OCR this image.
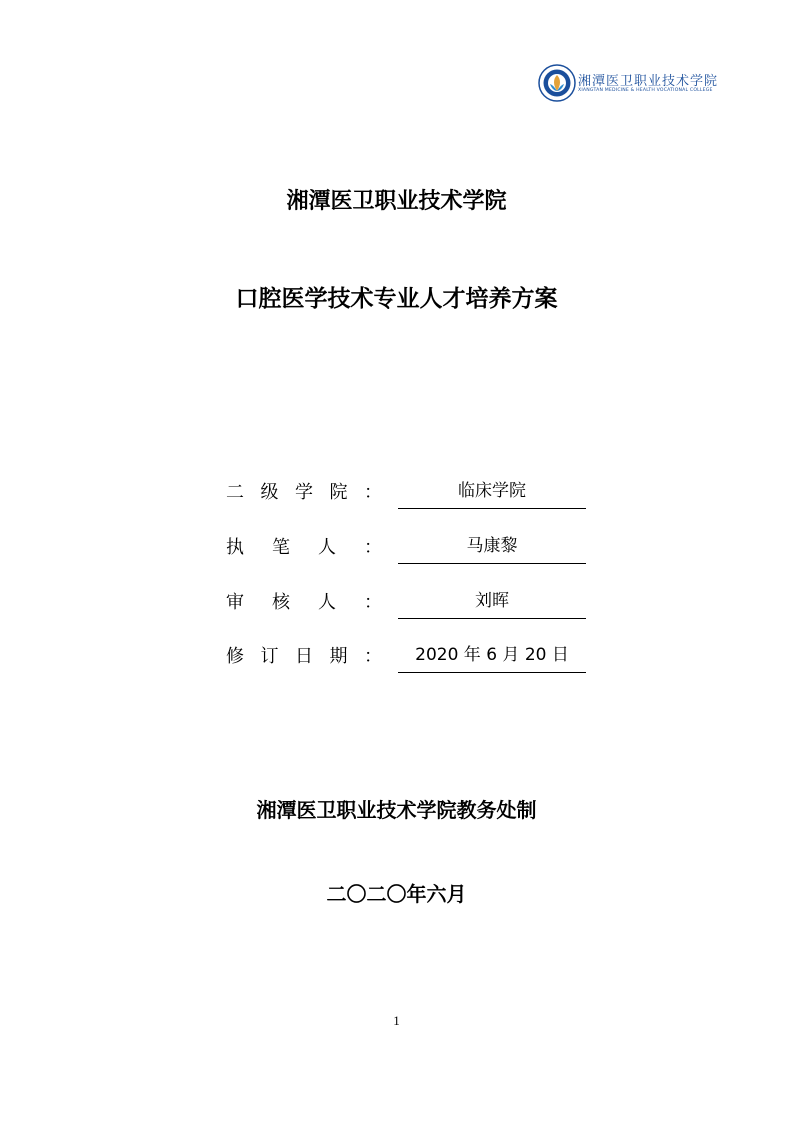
湘潭医卫职业技术学院
XIANGTAN MEDICINE & HEALTH VOCATIONAL COLLEGE
湘潭医卫职业技术学院
口腔医学技术专业人才培养方案
二 级 学 院 ：	临床学院
执 笔 人 ：	马康黎
审 核 人 ：	刘晖
修 订 日 期 ：	2020 年 6 月 20 日
湘潭医卫职业技术学院教务处制
二〇二〇年六月
1
